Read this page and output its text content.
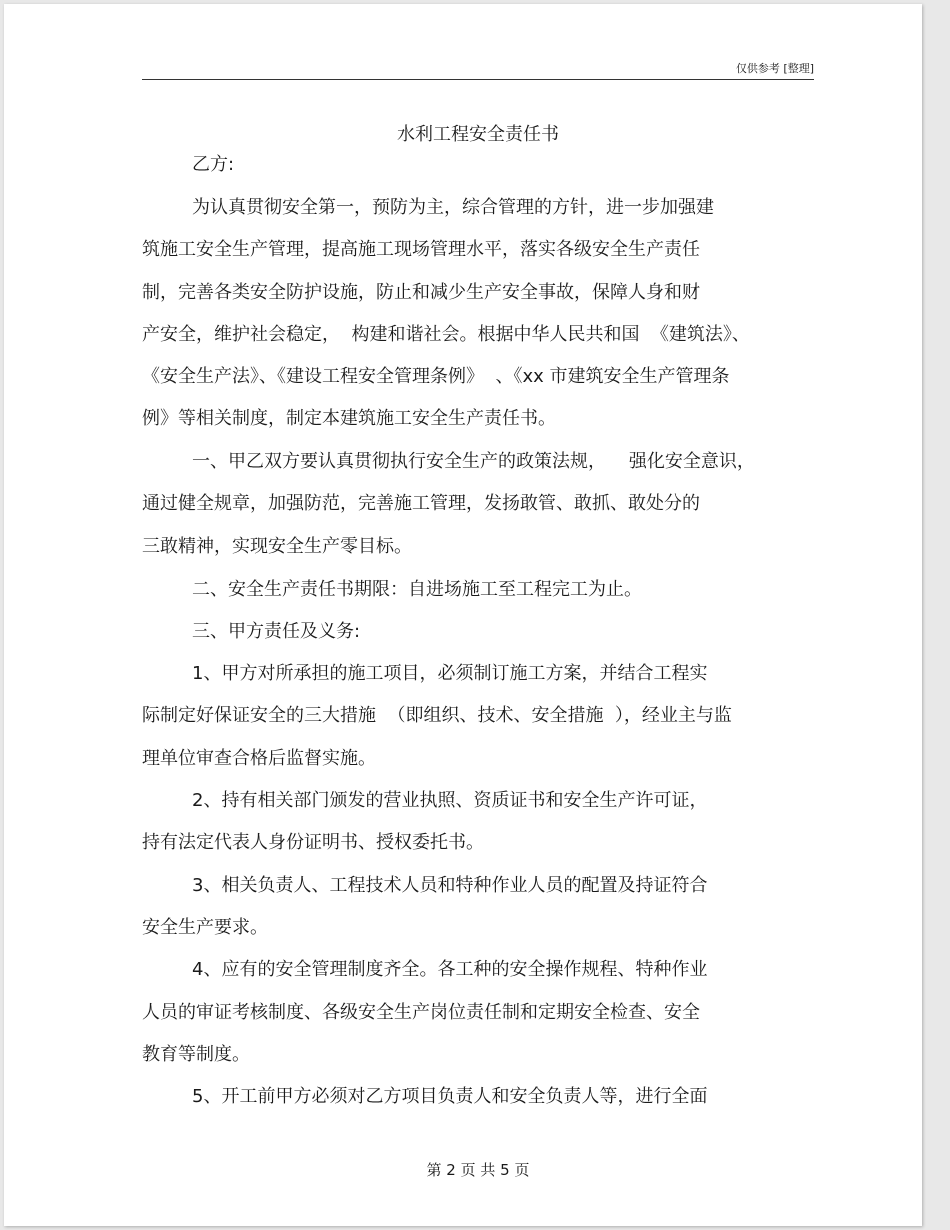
仅供参考 [整理]
水利工程安全责任书
乙方:
为认真贯彻安全第一，预防为主，综合管理的方针，进一步加强建
筑施工安全生产管理，提高施工现场管理水平，落实各级安全生产责任
制，完善各类安全防护设施，防止和减少生产安全事故，保障人身和财
产安全，维护社会稳定，  构建和谐社会。根据中华人民共和国  《建筑法》、
《安全生产法》、《建设工程安全管理条例》  、《xx 市建筑安全生产管理条
例》等相关制度，制定本建筑施工安全生产责任书。
一、甲乙双方要认真贯彻执行安全生产的政策法规，    强化安全意识，
通过健全规章，加强防范，完善施工管理，发扬敢管、敢抓、敢处分的
三敢精神，实现安全生产零目标。
二、安全生产责任书期限：自进场施工至工程完工为止。
三、甲方责任及义务:
1、甲方对所承担的施工项目，必须制订施工方案，并结合工程实
际制定好保证安全的三大措施  （即组织、技术、安全措施  ），经业主与监
理单位审查合格后监督实施。
2、持有相关部门颁发的营业执照、资质证书和安全生产许可证，
持有法定代表人身份证明书、授权委托书。
3、相关负责人、工程技术人员和特种作业人员的配置及持证符合
安全生产要求。
4、应有的安全管理制度齐全。各工种的安全操作规程、特种作业
人员的审证考核制度、各级安全生产岗位责任制和定期安全检查、安全
教育等制度。
5、开工前甲方必须对乙方项目负责人和安全负责人等，进行全面
第 2 页 共 5 页
